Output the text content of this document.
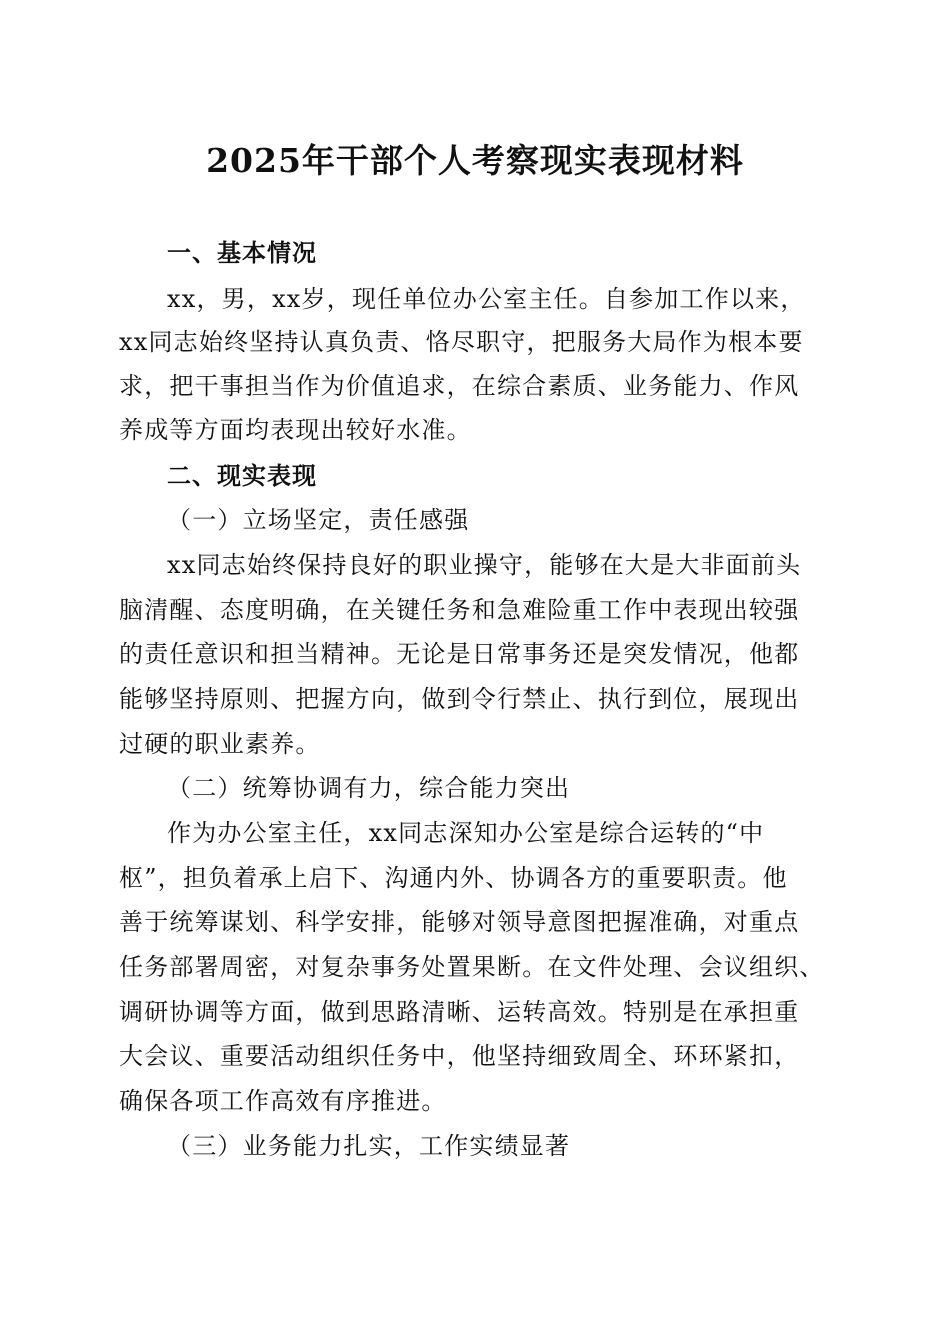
2025年干部个人考察现实表现材料
一、基本情况
xx，男，xx岁，现任单位办公室主任。自参加工作以来，
xx同志始终坚持认真负责、恪尽职守，把服务大局作为根本要
求，把干事担当作为价值追求，在综合素质、业务能力、作风
养成等方面均表现出较好水准。
二、现实表现
（一）立场坚定，责任感强
xx同志始终保持良好的职业操守，能够在大是大非面前头
脑清醒、态度明确，在关键任务和急难险重工作中表现出较强
的责任意识和担当精神。无论是日常事务还是突发情况，他都
能够坚持原则、把握方向，做到令行禁止、执行到位，展现出
过硬的职业素养。
（二）统筹协调有力，综合能力突出
作为办公室主任，xx同志深知办公室是综合运转的“中
枢”，担负着承上启下、沟通内外、协调各方的重要职责。他
善于统筹谋划、科学安排，能够对领导意图把握准确，对重点
任务部署周密，对复杂事务处置果断。在文件处理、会议组织、
调研协调等方面，做到思路清晰、运转高效。特别是在承担重
大会议、重要活动组织任务中，他坚持细致周全、环环紧扣，
确保各项工作高效有序推进。
（三）业务能力扎实，工作实绩显著
